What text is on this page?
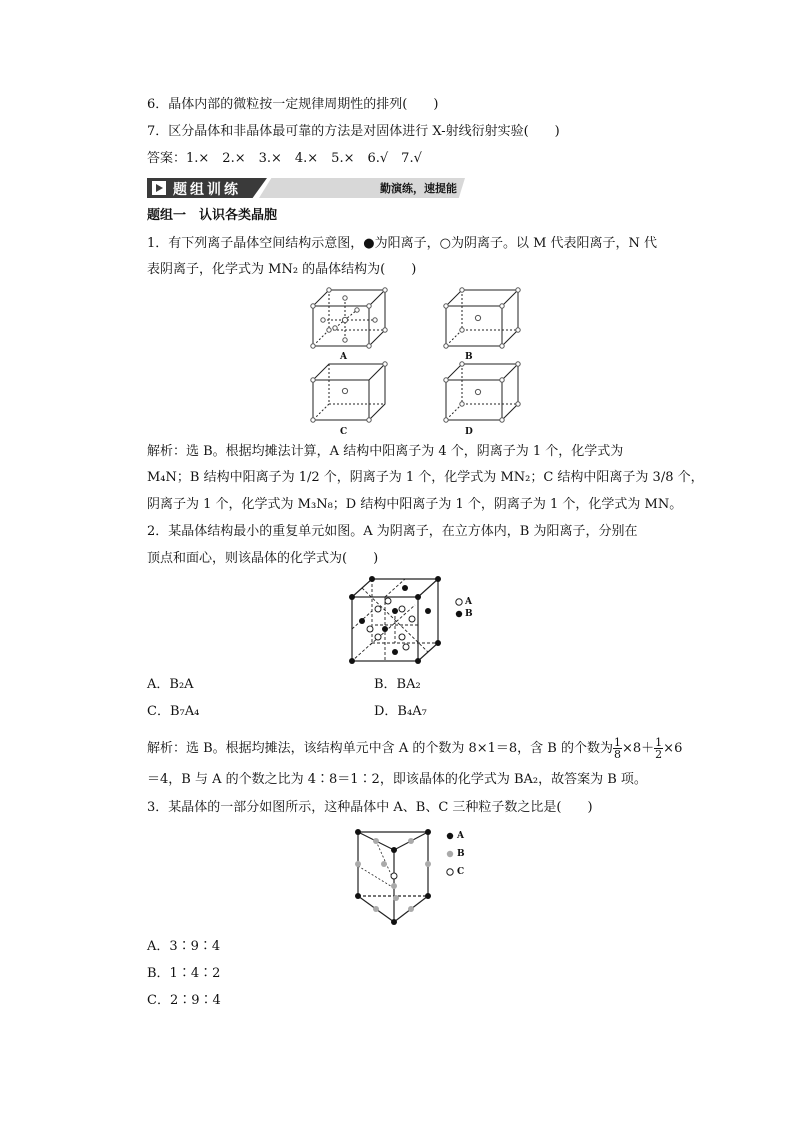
6．晶体内部的微粒按一定规律周期性的排列(　　)
7．区分晶体和非晶体最可靠的方法是对固体进行 X-射线衍射实验(　　)
答案：1.×　2.×　3.×　4.×　5.×　6.√　7.√
题组训练	勤演练，速提能
题组一　认识各类晶胞
1．有下列离子晶体空间结构示意图，●为阳离子，○为阴离子。以 M 代表阳离子，N 代
表阴离子，化学式为 MN₂ 的晶体结构为(　　)
A	B
C	D
解析：选 B。根据均摊法计算，A 结构中阳离子为 4 个，阴离子为 1 个，化学式为
M₄N；B 结构中阳离子为 1/2 个，阴离子为 1 个，化学式为 MN₂；C 结构中阳离子为 3/8 个，
阴离子为 1 个，化学式为 M₃N₈；D 结构中阳离子为 1 个，阴离子为 1 个，化学式为 MN。
2．某晶体结构最小的重复单元如图。A 为阴离子，在立方体内，B 为阳离子，分别在
顶点和面心，则该晶体的化学式为(　　)
A
B
A．B₂A	B．BA₂
C．B₇A₄	D．B₄A₇
解析：选 B。根据均摊法，该结构单元中含 A 的个数为 8×1＝8，含 B 的个数为 $\frac{1}{8} \times 8+ \frac{1}{2} \times 6$
＝4，B 与 A 的个数之比为 4∶8＝1∶2，即该晶体的化学式为 BA₂，故答案为 B 项。
3．某晶体的一部分如图所示，这种晶体中 A、B、C 三种粒子数之比是(　　)
A
B
C
A．3∶9∶4
B．1∶4∶2
C．2∶9∶4
